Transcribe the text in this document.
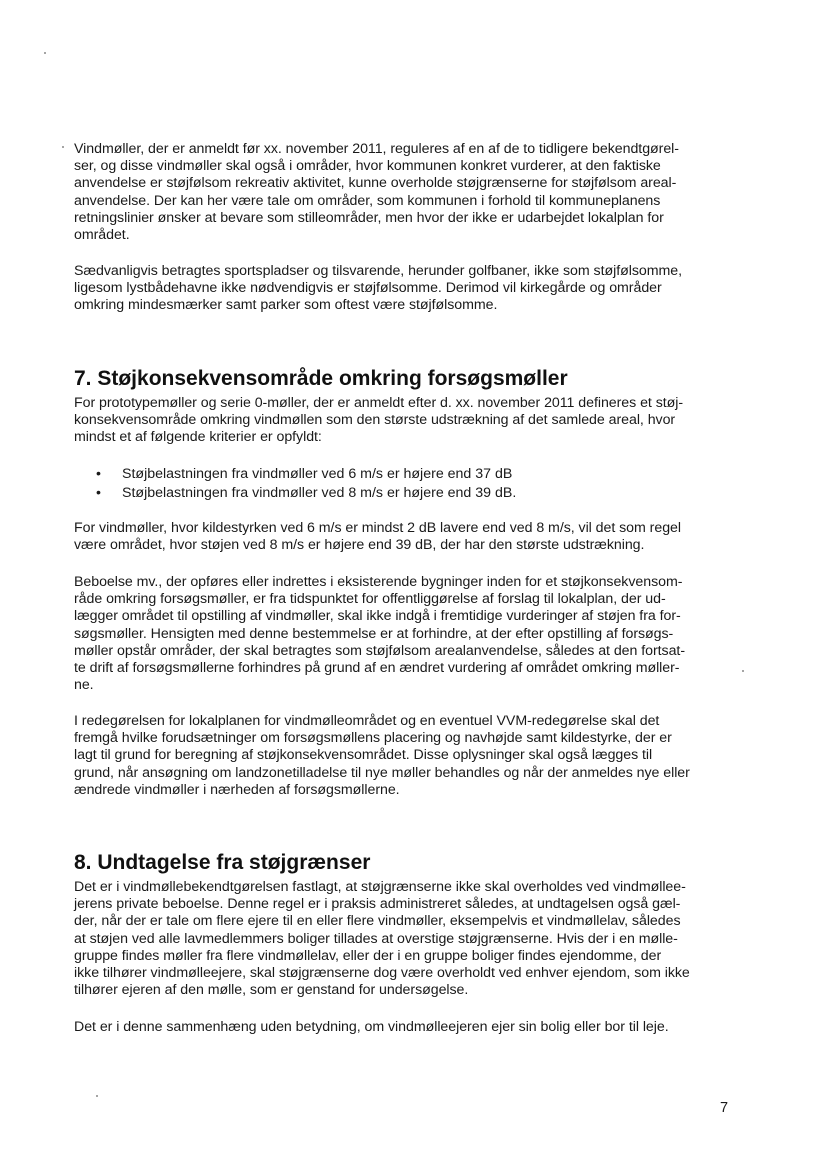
Vindmøller, der er anmeldt før xx. november 2011, reguleres af en af de to tidligere bekendtgørel-

ser, og disse vindmøller skal også i områder, hvor kommunen konkret vurderer, at den faktiske

anvendelse er støjfølsom rekreativ aktivitet, kunne overholde støjgrænserne for støjfølsom areal-

anvendelse. Der kan her være tale om områder, som kommunen i forhold til kommuneplanens

retningslinier ønsker at bevare som stilleområder, men hvor der ikke er udarbejdet lokalplan for

området.

Sædvanligvis betragtes sportspladser og tilsvarende, herunder golfbaner, ikke som støjfølsomme,

ligesom lystbådehavne ikke nødvendigvis er støjfølsomme. Derimod vil kirkegårde og områder

omkring mindesmærker samt parker som oftest være støjfølsomme.

7. Støjkonsekvensområde omkring forsøgsmøller

For prototypemøller og serie 0-møller, der er anmeldt efter d. xx. november 2011 defineres et støj-

konsekvensområde omkring vindmøllen som den største udstrækning af det samlede areal, hvor

mindst et af følgende kriterier er opfyldt:

• Støjbelastningen fra vindmøller ved 6 m/s er højere end 37 dB
• Støjbelastningen fra vindmøller ved 8 m/s er højere end 39 dB.

For vindmøller, hvor kildestyrken ved 6 m/s er mindst 2 dB lavere end ved 8 m/s, vil det som regel

være området, hvor støjen ved 8 m/s er højere end 39 dB, der har den største udstrækning.

Beboelse mv., der opføres eller indrettes i eksisterende bygninger inden for et støjkonsekvensom-

råde omkring forsøgsmøller, er fra tidspunktet for offentliggørelse af forslag til lokalplan, der ud-

lægger området til opstilling af vindmøller, skal ikke indgå i fremtidige vurderinger af støjen fra for-

søgsmøller. Hensigten med denne bestemmelse er at forhindre, at der efter opstilling af forsøgs-

møller opstår områder, der skal betragtes som støjfølsom arealanvendelse, således at den fortsat-

te drift af forsøgsmøllerne forhindres på grund af en ændret vurdering af området omkring møller-

ne.

I redegørelsen for lokalplanen for vindmølleområdet og en eventuel VVM-redegørelse skal det

fremgå hvilke forudsætninger om forsøgsmøllens placering og navhøjde samt kildestyrke, der er

lagt til grund for beregning af støjkonsekvensområdet. Disse oplysninger skal også lægges til

grund, når ansøgning om landzonetilladelse til nye møller behandles og når der anmeldes nye eller

ændrede vindmøller i nærheden af forsøgsmøllerne.

8. Undtagelse fra støjgrænser

Det er i vindmøllebekendtgørelsen fastlagt, at støjgrænserne ikke skal overholdes ved vindmøllee-

jerens private beboelse. Denne regel er i praksis administreret således, at undtagelsen også gæl-

der, når der er tale om flere ejere til en eller flere vindmøller, eksempelvis et vindmøllelav, således

at støjen ved alle lavmedlemmers boliger tillades at overstige støjgrænserne. Hvis der i en mølle-

gruppe findes møller fra flere vindmøllelav, eller der i en gruppe boliger findes ejendomme, der

ikke tilhører vindmølleejere, skal støjgrænserne dog være overholdt ved enhver ejendom, som ikke

tilhører ejeren af den mølle, som er genstand for undersøgelse.

Det er i denne sammenhæng uden betydning, om vindmølleejeren ejer sin bolig eller bor til leje.

7
